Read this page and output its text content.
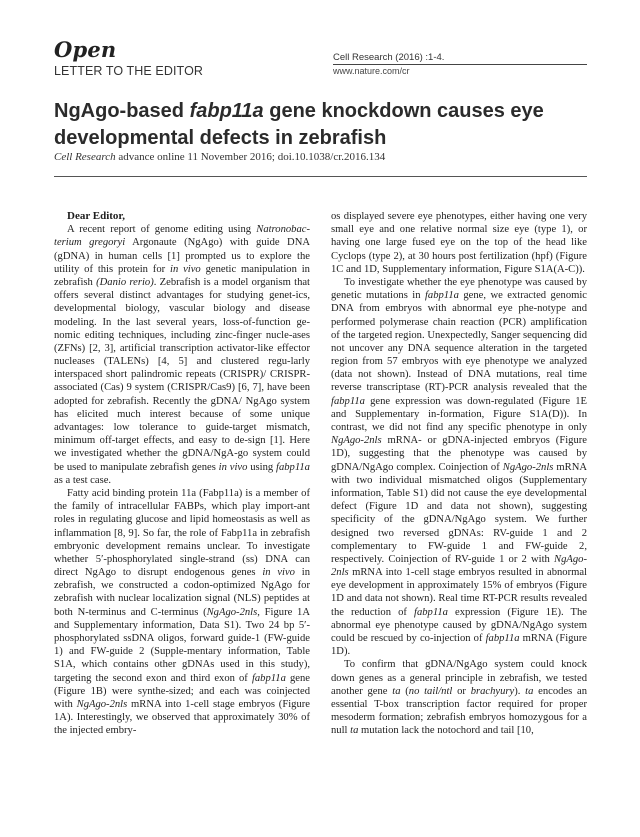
Open
LETTER TO THE EDITOR
Cell Research (2016) :1-4.
www.nature.com/cr
NgAgo-based fabp11a gene knockdown causes eye developmental defects in zebrafish
Cell Research advance online 11 November 2016; doi.10.1038/cr.2016.134

Dear Editor,

A recent report of genome editing using Natronobac-terium gregoryi Argonaute (NgAgo) with guide DNA (gDNA) in human cells [1] prompted us to explore the utility of this protein for in vivo genetic manipulation in zebrafish (Danio rerio). Zebrafish is a model organism that offers several distinct advantages for studying genet-ics, developmental biology, vascular biology and disease modeling. In the last several years, loss-of-function ge-nomic editing techniques, including zinc-finger nucle-ases (ZFNs) [2, 3], artificial transcription activator-like effector nucleases (TALENs) [4, 5] and clustered regu-larly interspaced short palindromic repeats (CRISPR)/ CRISPR-associated (Cas) 9 system (CRISPR/Cas9) [6, 7], have been adopted for zebrafish. Recently the gDNA/ NgAgo system has elicited much interest because of some unique advantages: low tolerance to guide-target mismatch, minimum off-target effects, and easy to de-sign [1]. Here we investigated whether the gDNA/NgA-go system could be used to manipulate zebrafish genes in vivo using fabp11a as a test case.

Fatty acid binding protein 11a (Fabp11a) is a member of the family of intracellular FABPs, which play import-ant roles in regulating glucose and lipid homeostasis as well as inflammation [8, 9]. So far, the role of Fabp11a in zebrafish embryonic development remains unclear. To investigate whether 5′-phosphorylated single-strand (ss) DNA can direct NgAgo to disrupt endogenous genes in vivo in zebrafish, we constructed a codon-optimized NgAgo for zebrafish with nuclear localization signal (NLS) peptides at both N-terminus and C-terminus (NgAgo-2nls, Figure 1A and Supplementary information, Data S1). Two 24 bp 5′-phosphorylated ssDNA oligos, forward guide-1 (FW-guide 1) and FW-guide 2 (Supple-mentary information, Table S1A, which contains other gDNAs used in this study), targeting the second exon and third exon of fabp11a gene (Figure 1B) were synthe-sized; and each was coinjected with NgAgo-2nls mRNA into 1-cell stage embryos (Figure 1A). Interestingly, we observed that approximately 30% of the injected embry-

os displayed severe eye phenotypes, either having one very small eye and one relative normal size eye (type 1), or having one large fused eye on the top of the head like Cyclops (type 2), at 30 hours post fertilization (hpf) (Figure 1C and 1D, Supplementary information, Figure S1A(A-C)).

To investigate whether the eye phenotype was caused by genetic mutations in fabp11a gene, we extracted genomic DNA from embryos with abnormal eye phe-notype and performed polymerase chain reaction (PCR) amplification of the targeted region. Unexpectedly, Sanger sequencing did not uncover any DNA sequence alteration in the targeted region from 57 embryos with eye phenotype we analyzed (data not shown). Instead of DNA mutations, real time reverse transcriptase (RT)-PCR analysis revealed that the fabp11a gene expression was down-regulated (Figure 1E and Supplementary in-formation, Figure S1A(D)). In contrast, we did not find any specific phenotype in only NgAgo-2nls mRNA- or gDNA-injected embryos (Figure 1D), suggesting that the phenotype was caused by gDNA/NgAgo complex. Coinjection of NgAgo-2nls mRNA with two individual mismatched oligos (Supplementary information, Table S1) did not cause the eye developmental defect (Figure 1D and data not shown), suggesting specificity of the gDNA/NgAgo system. We further designed two reversed gDNAs: RV-guide 1 and 2 complementary to FW-guide 1 and FW-guide 2, respectively. Coinjection of RV-guide 1 or 2 with NgAgo-2nls mRNA into 1-cell stage embryos resulted in abnormal eye development in approximately 15% of embryos (Figure 1D and data not shown). Real time RT-PCR results revealed the reduction of fabp11a expression (Figure 1E). The abnormal eye phenotype caused by gDNA/NgAgo system could be rescued by co-injection of fabp11a mRNA (Figure 1D).

To confirm that gDNA/NgAgo system could knock down genes as a general principle in zebrafish, we tested another gene ta (no tail/ntl or brachyury). ta encodes an essential T-box transcription factor required for proper mesoderm formation; zebrafish embryos homozygous for a null ta mutation lack the notochord and tail [10,
